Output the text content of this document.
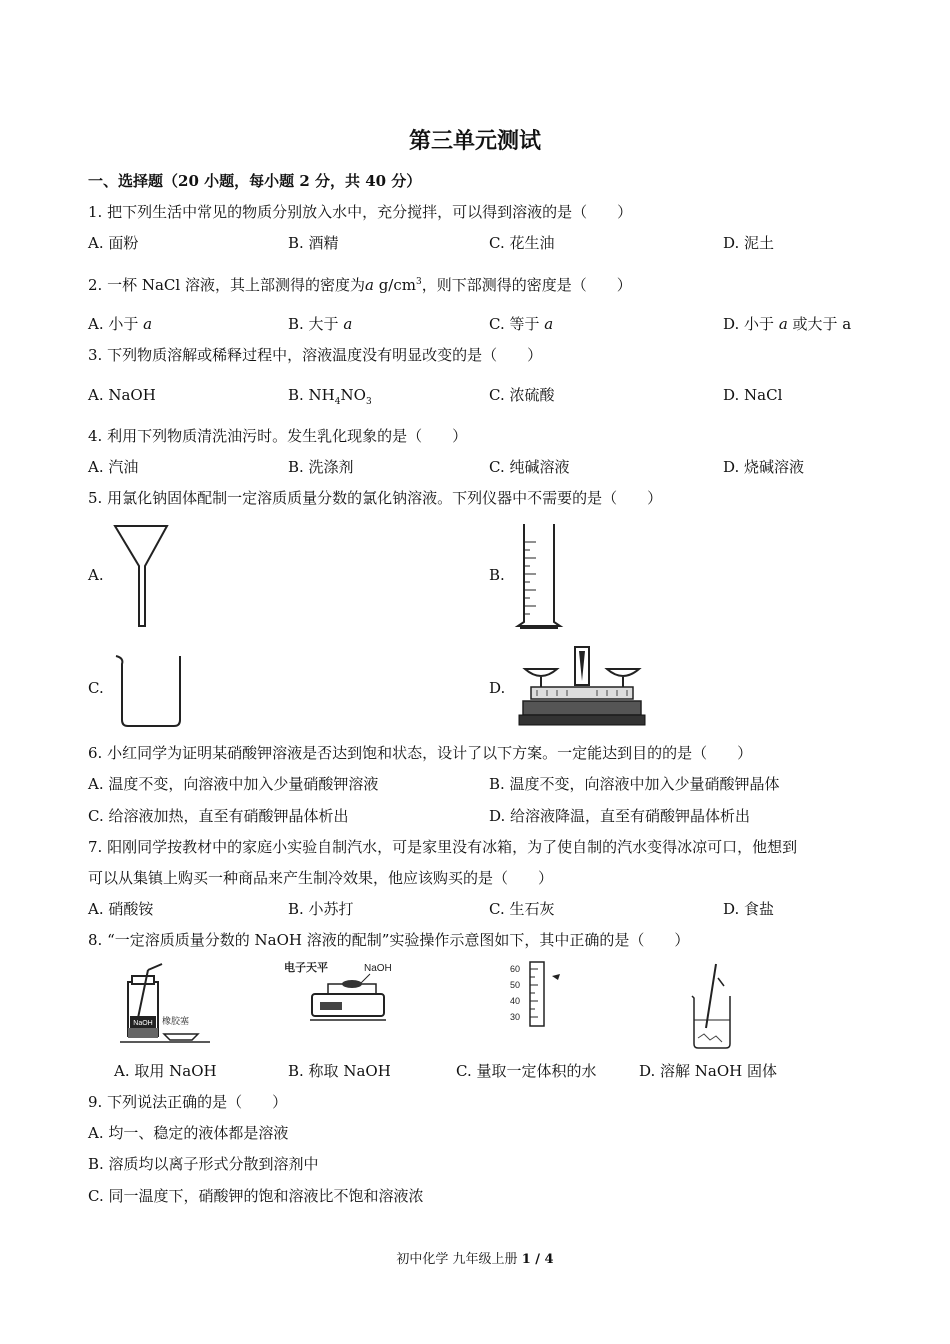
第三单元测试
一、选择题（20 小题，每小题 2 分，共 40 分）
1. 把下列生活中常见的物质分别放入水中，充分搅拌，可以得到溶液的是（　　）
A. 面粉	B. 酒精	C. 花生油	D. 泥土
2. 一杯 NaCl 溶液，其上部测得的密度为a $g/cm^3$，则下部测得的密度是（　　）
A. 小于 a	B. 大于 a	C. 等于 a	D. 小于 a 或大于 a
3. 下列物质溶解或稀释过程中，溶液温度没有明显改变的是（　　）
A. NaOH	B. $NH_4NO_3$	C. 浓硫酸	D. NaCl
4. 利用下列物质清洗油污时。发生乳化现象的是（　　）
A. 汽油	B. 洗涤剂	C. 纯碱溶液	D. 烧碱溶液
5. 用氯化钠固体配制一定溶质质量分数的氯化钠溶液。下列仪器中不需要的是（　　）
A.	B.
C.	D.
6. 小红同学为证明某硝酸钾溶液是否达到饱和状态，设计了以下方案。一定能达到目的的是（　　）
A. 温度不变，向溶液中加入少量硝酸钾溶液	B. 温度不变，向溶液中加入少量硝酸钾晶体
C. 给溶液加热，直至有硝酸钾晶体析出	D. 给溶液降温，直至有硝酸钾晶体析出
7. 阳刚同学按教材中的家庭小实验自制汽水，可是家里没有冰箱，为了使自制的汽水变得冰凉可口，他想到
可以从集镇上购买一种商品来产生制冷效果，他应该购买的是（　　）
A. 硝酸铵	B. 小苏打	C. 生石灰	D. 食盐
8. “一定溶质质量分数的 NaOH 溶液的配制”实验操作示意图如下，其中正确的是（　　）
NaOH 橡胶塞
电子天平	NaOH	60
50
40
30
A. 取用 NaOH	B. 称取 NaOH	C. 量取一定体积的水	D. 溶解 NaOH 固体
9. 下列说法正确的是（　　）
A. 均一、稳定的液体都是溶液
B. 溶质均以离子形式分散到溶剂中
C. 同一温度下，硝酸钾的饱和溶液比不饱和溶液浓
初中化学 九年级上册 1 / 4
